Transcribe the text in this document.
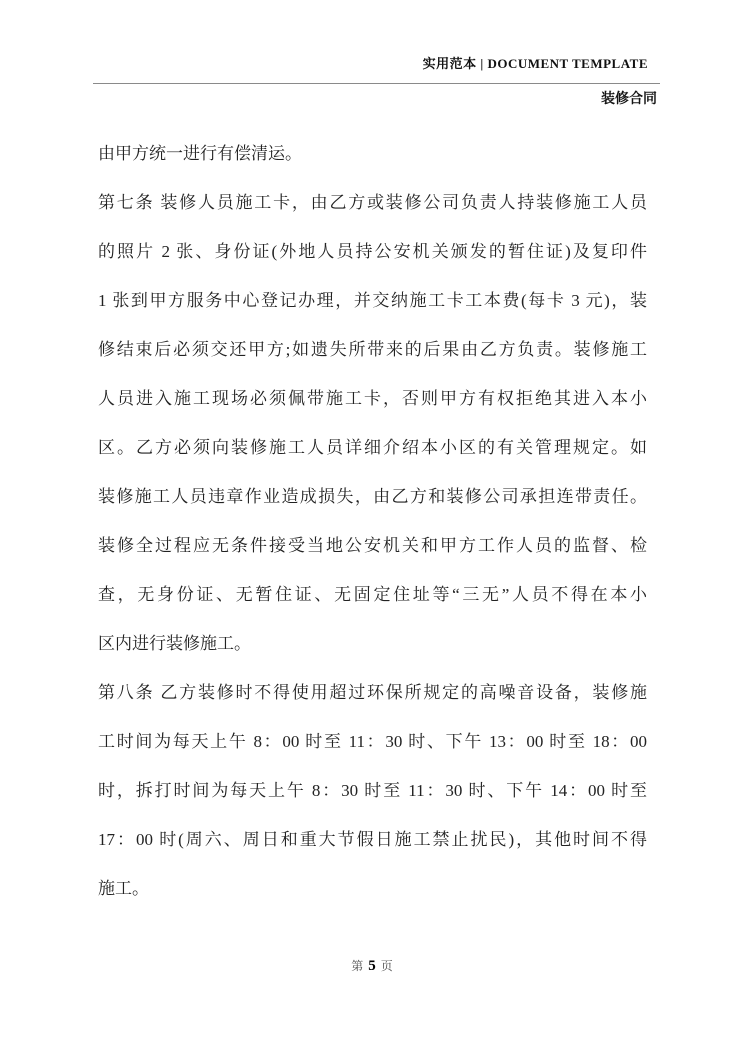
实用范本 | DOCUMENT TEMPLATE
装修合同
由甲方统一进行有偿清运。
第七条 装修人员施工卡，由乙方或装修公司负责人持装修施工人员
的照片 2 张、身份证(外地人员持公安机关颁发的暂住证)及复印件
1 张到甲方服务中心登记办理，并交纳施工卡工本费(每卡 3 元)，装
修结束后必须交还甲方;如遗失所带来的后果由乙方负责。装修施工
人员进入施工现场必须佩带施工卡，否则甲方有权拒绝其进入本小
区。乙方必须向装修施工人员详细介绍本小区的有关管理规定。如
装修施工人员违章作业造成损失，由乙方和装修公司承担连带责任。
装修全过程应无条件接受当地公安机关和甲方工作人员的监督、检
查，无身份证、无暂住证、无固定住址等“三无”人员不得在本小
区内进行装修施工。
第八条 乙方装修时不得使用超过环保所规定的高噪音设备，装修施
工时间为每天上午 8：00 时至 11：30 时、下午 13：00 时至 18：00
时，拆打时间为每天上午 8：30 时至 11：30 时、下午 14：00 时至
17：00 时(周六、周日和重大节假日施工禁止扰民)，其他时间不得
施工。
第 5 页
